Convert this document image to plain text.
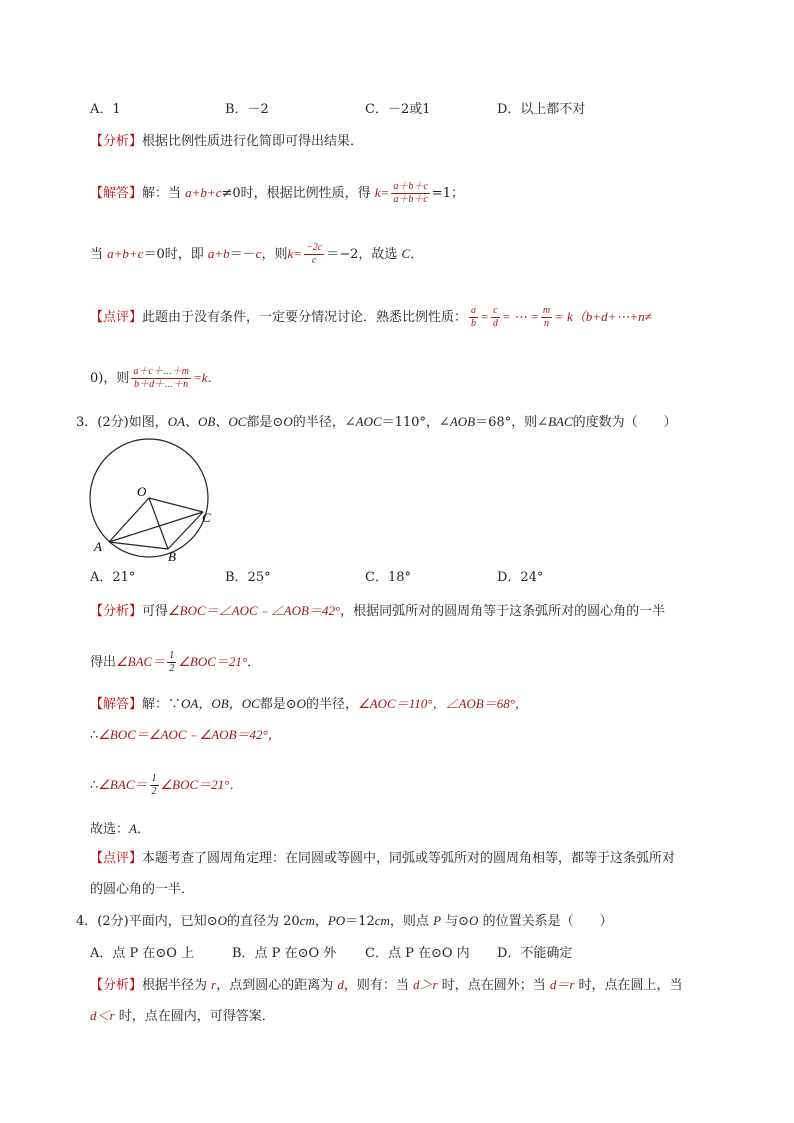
A．1	B．－2	C．－2或1	D．以上都不对
【分析】根据比例性质进行化简即可得出结果．
【解答】解：当 a+b+c≠0时，根据比例性质，得 $k= \frac{a+b+c}{a+b+c} =1$；
当 a+b+c＝0时，即 a+b＝－c，则$k= \frac{-2c}{c} =-2$，故选 C．
【点评】此题由于没有条件，一定要分情况讨论．熟悉比例性质： $\frac{a}{b} = \frac{c}{d}$ = ⋯ = $\frac{m}{n}$ = k（b+d+⋯+n≠
0)，则 $\frac{a+c+\cdots+m}{b+d+\cdots+n} =k$．
3．(2分)如图，OA、OB、OC都是⊙O的半径，∠AOC＝110°，∠AOB＝68°，则∠BAC的度数为（　　）
O
A
B
C
A．21°	B．25°	C．18°	D．24°
【分析】可得∠BOC＝∠AOC﹣∠AOB＝42°，根据同弧所对的圆周角等于这条弧所对的圆心角的一半
得出∠BAC＝ $\frac{1}{2}$ ∠BOC＝21°．
【解答】解：∵OA，OB，OC都是⊙O的半径，∠AOC＝110°，∠AOB＝68°，
∴∠BOC＝∠AOC﹣∠AOB＝42°，
∴∠BAC＝ $\frac{1}{2}$ ∠BOC＝21°．
故选：A．
【点评】本题考查了圆周角定理：在同圆或等圆中，同弧或等弧所对的圆周角相等，都等于这条弧所对
的圆心角的一半．
4．(2分)平面内，已知⊙O的直径为 20cm，PO＝12cm，则点 P 与⊙O 的位置关系是（　　）
A．点 P 在⊙O 上	B．点 P 在⊙O 外 C．点 P 在⊙O 内 D．不能确定
【分析】根据半径为 r，点到圆心的距离为 d，则有：当 d＞r 时，点在圆外；当 d＝r 时，点在圆上，当
d＜r 时，点在圆内，可得答案．
